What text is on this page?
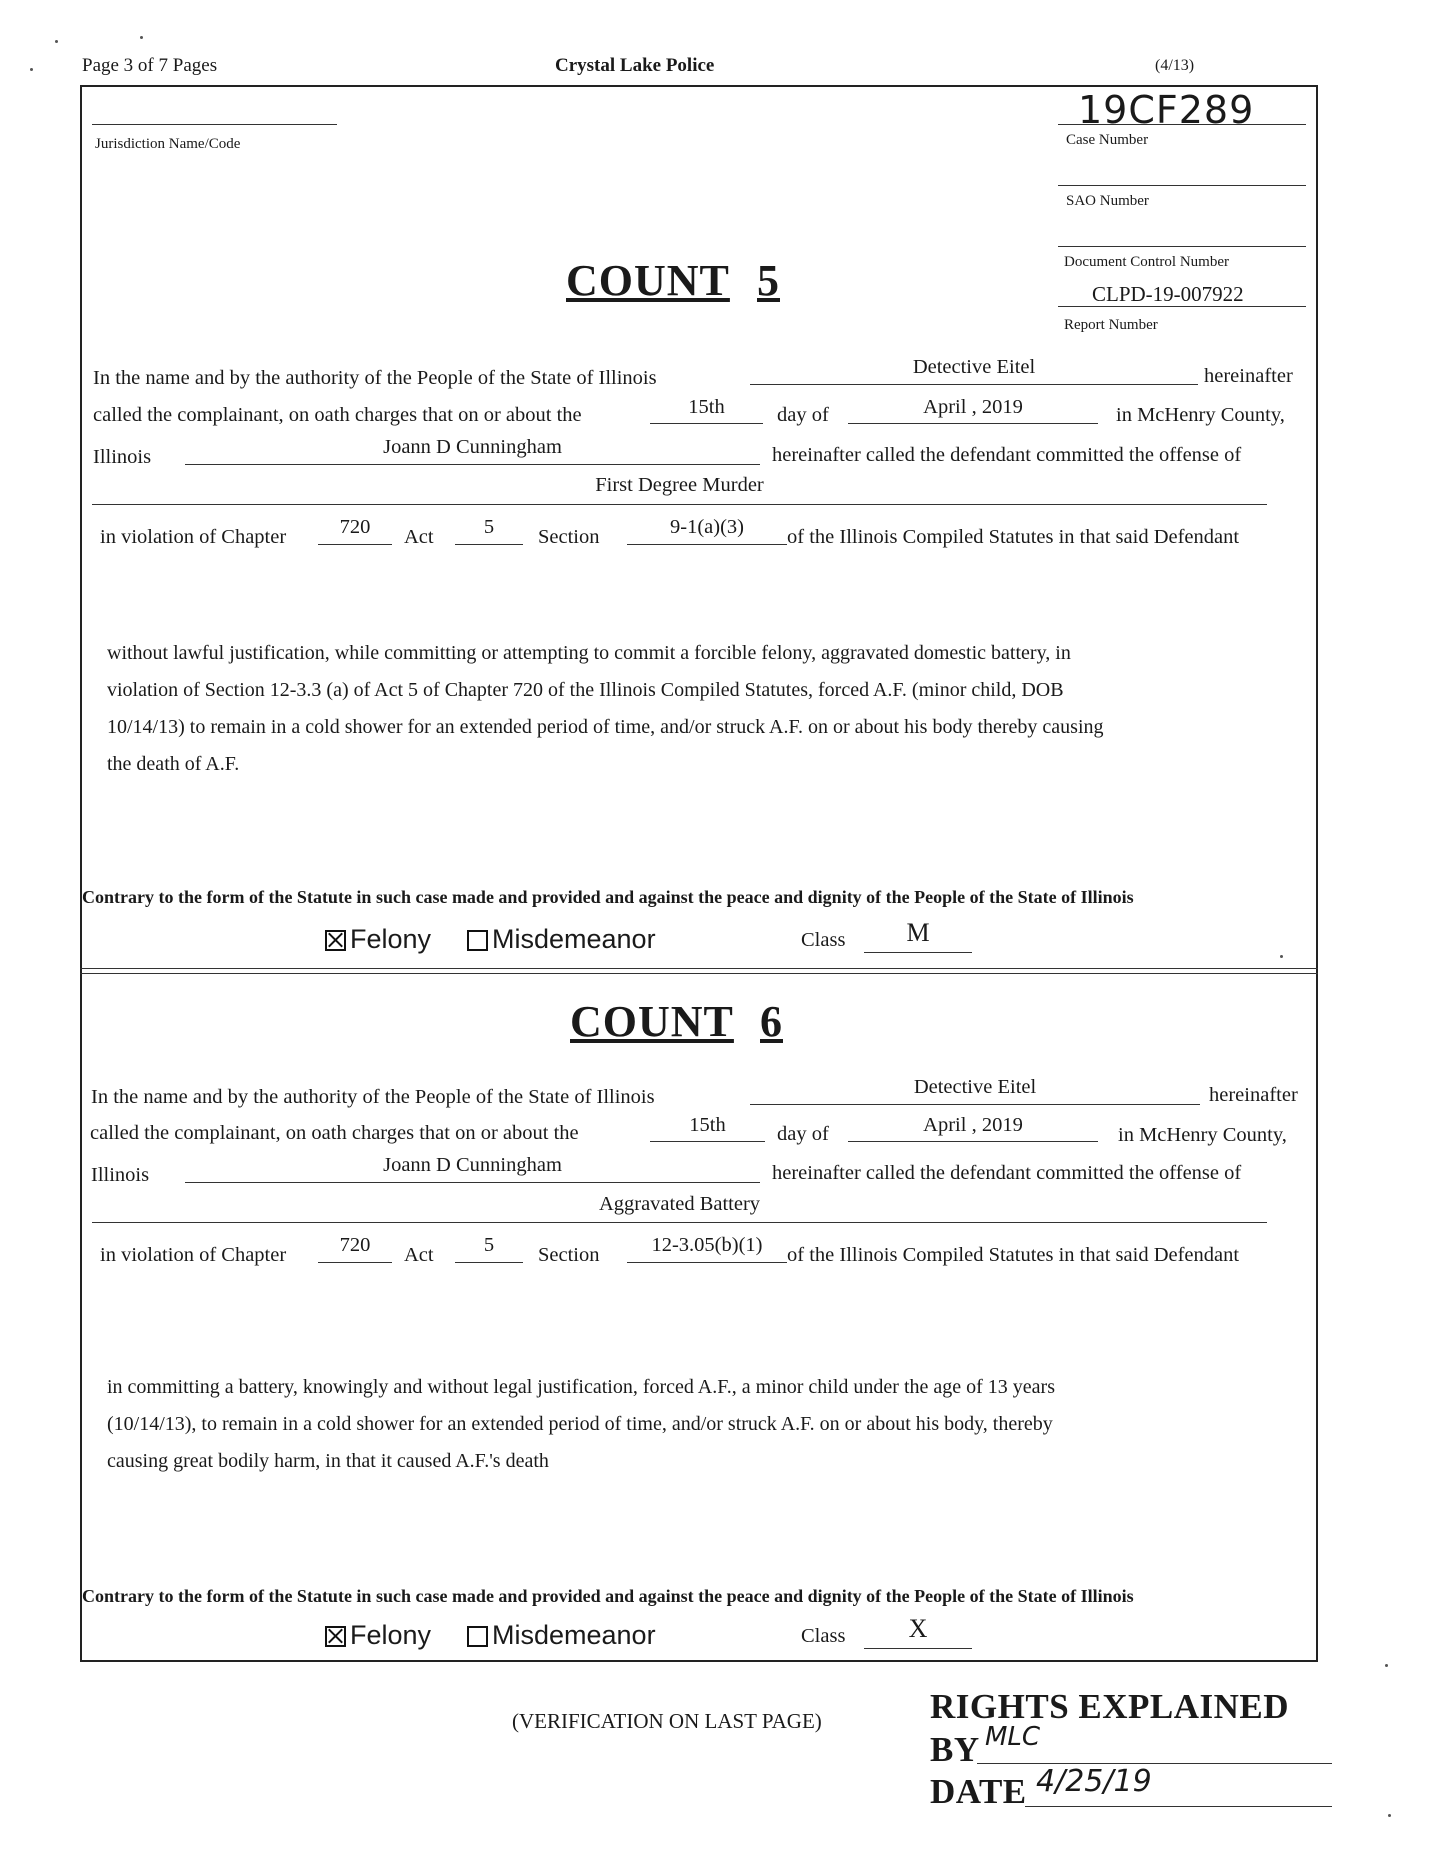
Page 3 of 7 Pages	Crystal Lake Police	(4/13)
Jurisdiction Name/Code
19CF289
Case Number
SAO Number
Document Control Number
CLPD-19-007922
Report Number
COUNT 5
In the name and by the authority of the People of the State of Illinois	Detective Eitel	hereinafter
called the complainant, on oath charges that on or about the	15th	day of	April , 2019	in McHenry County,
Illinois	Joann D Cunningham	hereinafter called the defendant committed the offense of
First Degree Murder
in violation of Chapter	720	Act	5	Section	9-1(a)(3)	of the Illinois Compiled Statutes in that said Defendant
without lawful justification, while committing or attempting to commit a forcible felony, aggravated domestic battery, in
violation of Section 12-3.3 (a) of Act 5 of Chapter 720 of the Illinois Compiled Statutes, forced A.F. (minor child, DOB
10/14/13) to remain in a cold shower for an extended period of time, and/or struck A.F. on or about his body thereby causing
the death of A.F.
Contrary to the form of the Statute in such case made and provided and against the peace and dignity of the People of the State of Illinois
Felony	Misdemeanor	Class	M
COUNT 6
In the name and by the authority of the People of the State of Illinois	Detective Eitel	hereinafter
called the complainant, on oath charges that on or about the	15th	day of	April , 2019	in McHenry County,
Illinois	Joann D Cunningham	hereinafter called the defendant committed the offense of
Aggravated Battery
in violation of Chapter	720	Act	5	Section	12-3.05(b)(1)	of the Illinois Compiled Statutes in that said Defendant
in committing a battery, knowingly and without legal justification, forced A.F., a minor child under the age of 13 years
(10/14/13), to remain in a cold shower for an extended period of time, and/or struck A.F. on or about his body, thereby
causing great bodily harm, in that it caused A.F.'s death
Contrary to the form of the Statute in such case made and provided and against the peace and dignity of the People of the State of Illinois
Felony	Misdemeanor	Class	X
(VERIFICATION ON LAST PAGE)	RIGHTS EXPLAINED
BY MLC
DATE 4/25/19
